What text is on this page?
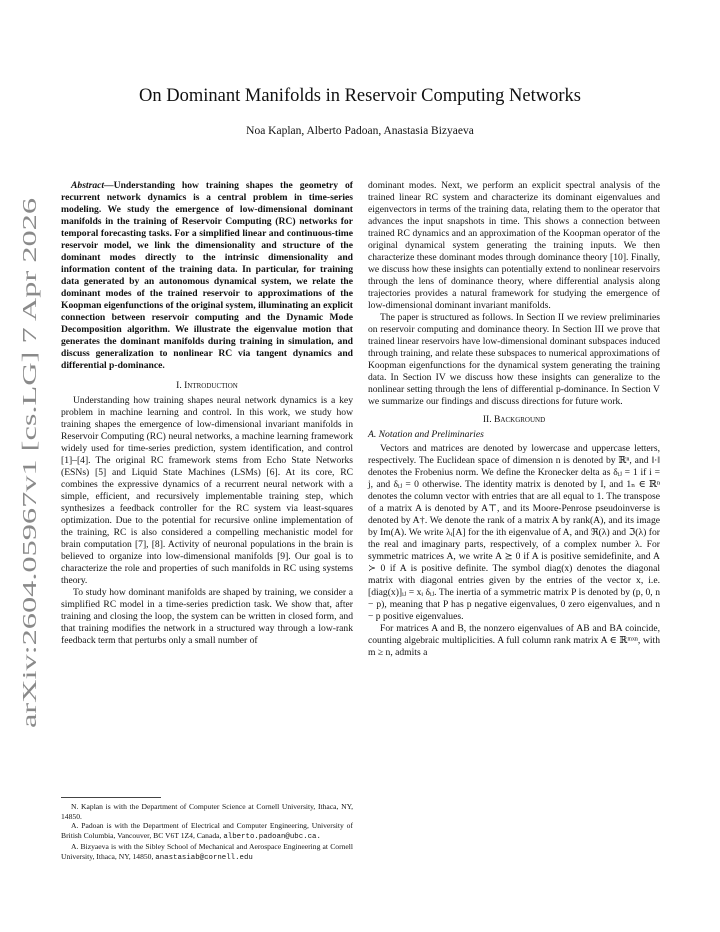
arXiv:2604.05967v1 [cs.LG] 7 Apr 2026
On Dominant Manifolds in Reservoir Computing Networks
Noa Kaplan, Alberto Padoan, Anastasia Bizyaeva

Abstract—Understanding how training shapes the geometry of recurrent network dynamics is a central problem in time-series modeling. We study the emergence of low-dimensional dominant manifolds in the training of Reservoir Computing (RC) networks for temporal forecasting tasks. For a simplified linear and continuous-time reservoir model, we link the dimensionality and structure of the dominant modes directly to the intrinsic dimensionality and information content of the training data. In particular, for training data generated by an autonomous dynamical system, we relate the dominant modes of the trained reservoir to approximations of the Koopman eigenfunctions of the original system, illuminating an explicit connection between reservoir computing and the Dynamic Mode Decomposition algorithm. We illustrate the eigenvalue motion that generates the dominant manifolds during training in simulation, and discuss generalization to nonlinear RC via tangent dynamics and differential p-dominance.

I. Introduction

Understanding how training shapes neural network dynamics is a key problem in machine learning and control. In this work, we study how training shapes the emergence of low-dimensional invariant manifolds in Reservoir Computing (RC) neural networks, a machine learning framework widely used for time-series prediction, system identification, and control [1]–[4]. The original RC framework stems from Echo State Networks (ESNs) [5] and Liquid State Machines (LSMs) [6]. At its core, RC combines the expressive dynamics of a recurrent neural network with a simple, efficient, and recursively implementable training step, which synthesizes a feedback controller for the RC system via least-squares optimization. Due to the potential for recursive online implementation of the training, RC is also considered a compelling mechanistic model for brain computation [7], [8]. Activity of neuronal populations in the brain is believed to organize into low-dimensional manifolds [9]. Our goal is to characterize the role and properties of such manifolds in RC using systems theory.

To study how dominant manifolds are shaped by training, we consider a simplified RC model in a time-series prediction task. We show that, after training and closing the loop, the system can be written in closed form, and that training modifies the network in a structured way through a low-rank feedback term that perturbs only a small number of

N. Kaplan is with the Department of Computer Science at Cornell University, Ithaca, NY, 14850.

A. Padoan is with the Department of Electrical and Computer Engineering, University of British Columbia, Vancouver, BC V6T 1Z4, Canada, alberto.padoan@ubc.ca.

A. Bizyaeva is with the Sibley School of Mechanical and Aerospace Engineering at Cornell University, Ithaca, NY, 14850, anastasiab@cornell.edu

dominant modes. Next, we perform an explicit spectral analysis of the trained linear RC system and characterize its dominant eigenvalues and eigenvectors in terms of the training data, relating them to the operator that advances the input snapshots in time. This shows a connection between trained RC dynamics and an approximation of the Koopman operator of the original dynamical system generating the training inputs. We then characterize these dominant modes through dominance theory [10]. Finally, we discuss how these insights can potentially extend to nonlinear reservoirs through the lens of dominance theory, where differential analysis along trajectories provides a natural framework for studying the emergence of low-dimensional dominant invariant manifolds.

The paper is structured as follows. In Section II we review preliminaries on reservoir computing and dominance theory. In Section III we prove that trained linear reservoirs have low-dimensional dominant subspaces induced through training, and relate these subspaces to numerical approximations of Koopman eigenfunctions for the dynamical system generating the training data. In Section IV we discuss how these insights can generalize to the nonlinear setting through the lens of differential p-dominance. In Section V we summarize our findings and discuss directions for future work.

II. Background
A. Notation and Preliminaries

Vectors and matrices are denoted by lowercase and uppercase letters, respectively. The Euclidean space of dimension n is denoted by ℝⁿ, and ‖·‖ denotes the Frobenius norm. We define the Kronecker delta as δᵢⱼ = 1 if i = j, and δᵢⱼ = 0 otherwise. The identity matrix is denoted by I, and 1ₙ ∈ ℝⁿ denotes the column vector with entries that are all equal to 1. The transpose of a matrix A is denoted by A⊤, and its Moore-Penrose pseudoinverse is denoted by A†. We denote the rank of a matrix A by rank(A), and its image by Im(A). We write λᵢ[A] for the ith eigenvalue of A, and ℜ(λ) and ℑ(λ) for the real and imaginary parts, respectively, of a complex number λ. For symmetric matrices A, we write A ⪰ 0 if A is positive semidefinite, and A ≻ 0 if A is positive definite. The symbol diag(x) denotes the diagonal matrix with diagonal entries given by the entries of the vector x, i.e. [diag(x)]ᵢⱼ = xᵢ δᵢⱼ. The inertia of a symmetric matrix P is denoted by (p, 0, n − p), meaning that P has p negative eigenvalues, 0 zero eigenvalues, and n − p positive eigenvalues.

For matrices A and B, the nonzero eigenvalues of AB and BA coincide, counting algebraic multiplicities. A full column rank matrix A ∈ ℝᵐˣⁿ, with m ≥ n, admits a
